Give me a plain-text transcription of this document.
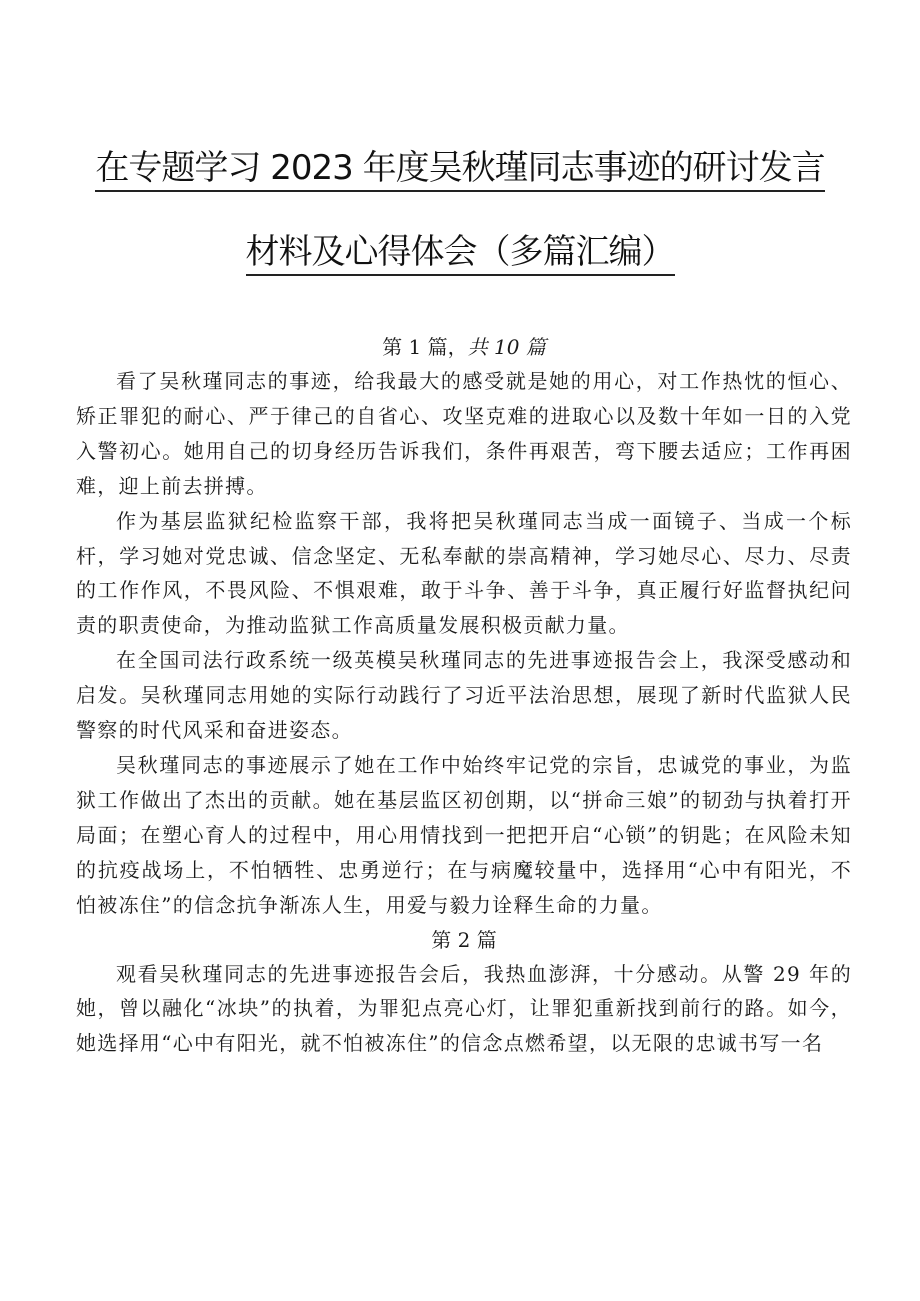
在专题学习 2023 年度吴秋瑾同志事迹的研讨发言
材料及心得体会（多篇汇编）

第 1 篇，共 10 篇

看了吴秋瑾同志的事迹，给我最大的感受就是她的用心，对工作热忱的恒心、矫正罪犯的耐心、严于律己的自省心、攻坚克难的进取心以及数十年如一日的入党入警初心。她用自己的切身经历告诉我们，条件再艰苦，弯下腰去适应；工作再困难，迎上前去拼搏。

作为基层监狱纪检监察干部，我将把吴秋瑾同志当成一面镜子、当成一个标杆，学习她对党忠诚、信念坚定、无私奉献的崇高精神，学习她尽心、尽力、尽责的工作作风，不畏风险、不惧艰难，敢于斗争、善于斗争，真正履行好监督执纪问责的职责使命，为推动监狱工作高质量发展积极贡献力量。

在全国司法行政系统一级英模吴秋瑾同志的先进事迹报告会上，我深受感动和启发。吴秋瑾同志用她的实际行动践行了习近平法治思想，展现了新时代监狱人民警察的时代风采和奋进姿态。

吴秋瑾同志的事迹展示了她在工作中始终牢记党的宗旨，忠诚党的事业，为监狱工作做出了杰出的贡献。她在基层监区初创期，以“拼命三娘”的韧劲与执着打开局面；在塑心育人的过程中，用心用情找到一把把开启“心锁”的钥匙；在风险未知的抗疫战场上，不怕牺牲、忠勇逆行；在与病魔较量中，选择用“心中有阳光，不怕被冻住”的信念抗争渐冻人生，用爱与毅力诠释生命的力量。

第 2 篇

观看吴秋瑾同志的先进事迹报告会后，我热血澎湃，十分感动。从警 29 年的她，曾以融化“冰块”的执着，为罪犯点亮心灯，让罪犯重新找到前行的路。如今，她选择用“心中有阳光，就不怕被冻住”的信念点燃希望，以无限的忠诚书写一名
